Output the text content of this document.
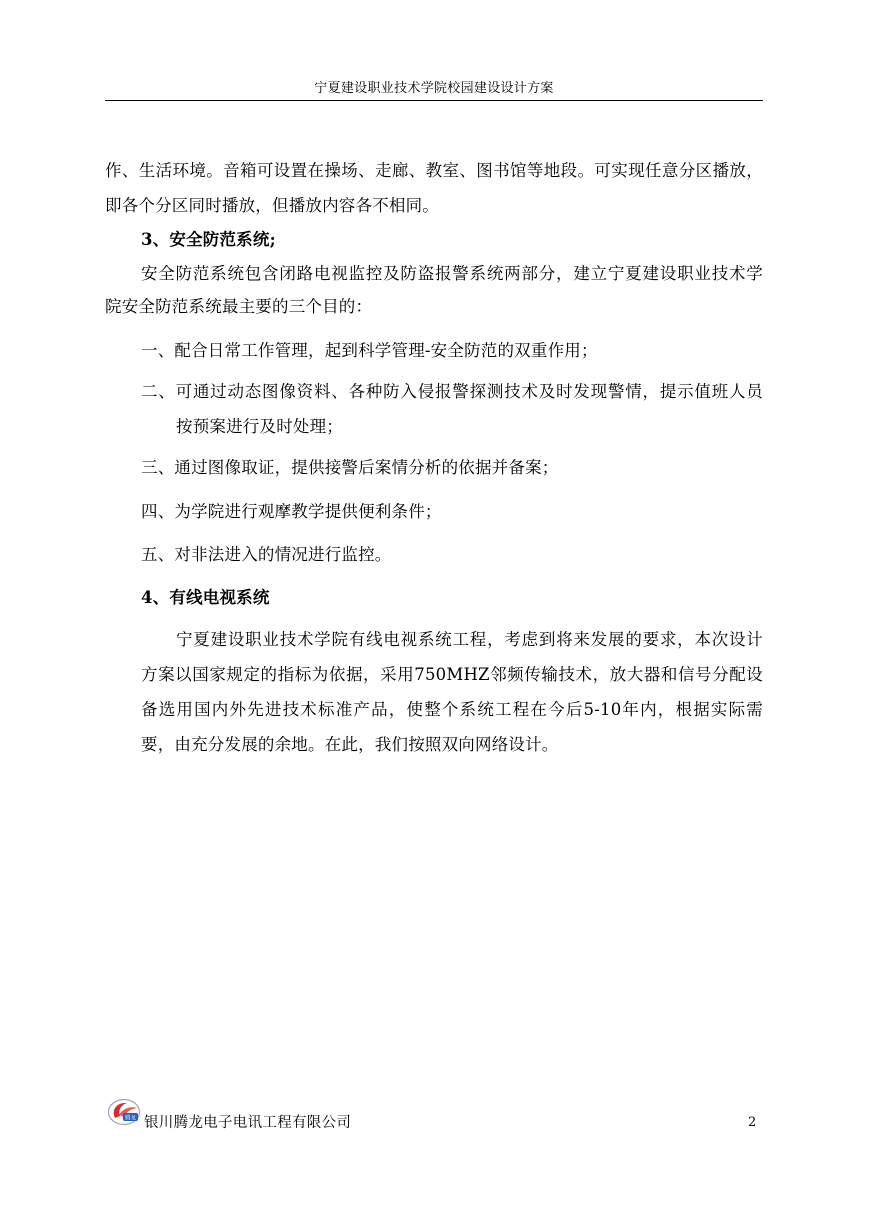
宁夏建设职业技术学院校园建设设计方案
作、生活环境。音箱可设置在操场、走廊、教室、图书馆等地段。可实现任意分区播放，
即各个分区同时播放，但播放内容各不相同。
3、安全防范系统;
安全防范系统包含闭路电视监控及防盗报警系统两部分，建立宁夏建设职业技术学
院安全防范系统最主要的三个目的：
一、配合日常工作管理，起到科学管理-安全防范的双重作用；
二、可通过动态图像资料、各种防入侵报警探测技术及时发现警情，提示值班人员
按预案进行及时处理；
三、通过图像取证，提供接警后案情分析的依据并备案；
四、为学院进行观摩教学提供便利条件；
五、对非法进入的情况进行监控。
4、有线电视系统
宁夏建设职业技术学院有线电视系统工程，考虑到将来发展的要求，本次设计
方案以国家规定的指标为依据，采用750MHZ邻频传输技术，放大器和信号分配设
备选用国内外先进技术标准产品，使整个系统工程在今后5-10年内，根据实际需
要，由充分发展的余地。在此，我们按照双向网络设计。
腾龙 银川腾龙电子电讯工程有限公司	2
